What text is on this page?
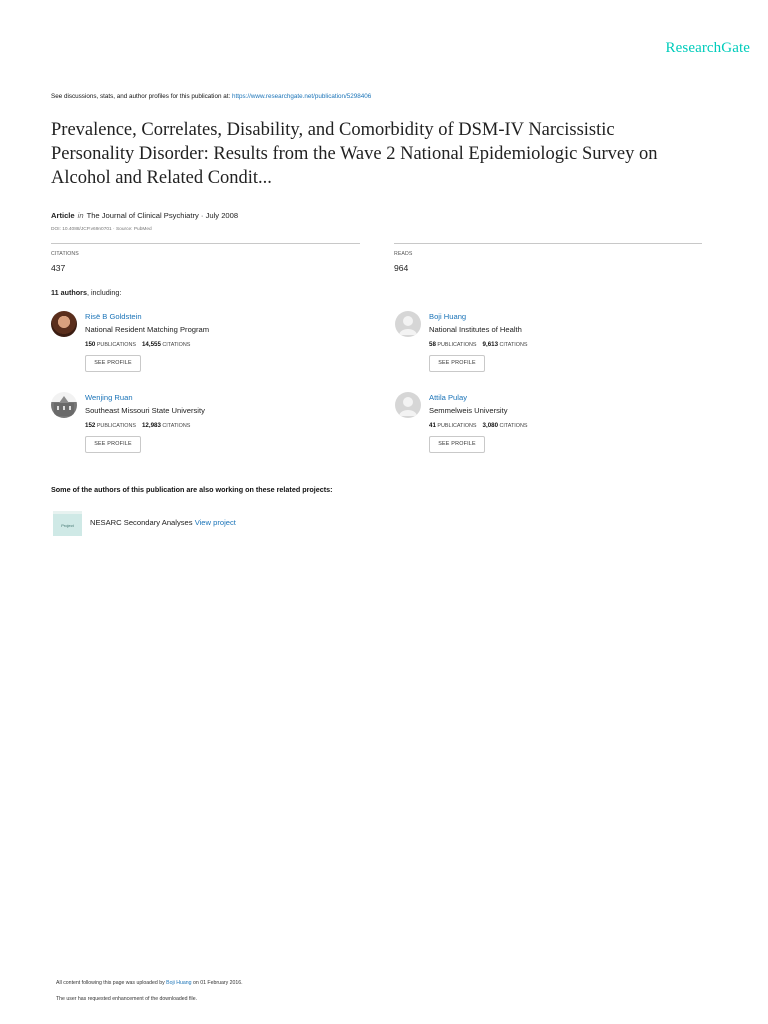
ResearchGate
See discussions, stats, and author profiles for this publication at: https://www.researchgate.net/publication/5298406
Prevalence, Correlates, Disability, and Comorbidity of DSM-IV Narcissistic
Personality Disorder: Results from the Wave 2 National Epidemiologic Survey on
Alcohol and Related Condit...
Article in The Journal of Clinical Psychiatry · July 2008
DOI: 10.4088/JCP.v69n0701 · Source: PubMed
CITATIONS
437
READS
964
11 authors, including:
Risë B Goldstein
National Resident Matching Program
150 PUBLICATIONS 14,555 CITATIONS
SEE PROFILE
Boji Huang
National Institutes of Health
58 PUBLICATIONS 9,613 CITATIONS
SEE PROFILE
Wenjing Ruan
Southeast Missouri State University
152 PUBLICATIONS 12,983 CITATIONS
SEE PROFILE
Attila Pulay
Semmelweis University
41 PUBLICATIONS 3,080 CITATIONS
SEE PROFILE
Some of the authors of this publication are also working on these related projects:
Project	NESARC Secondary Analyses View project
All content following this page was uploaded by Boji Huang on 01 February 2016.
The user has requested enhancement of the downloaded file.
